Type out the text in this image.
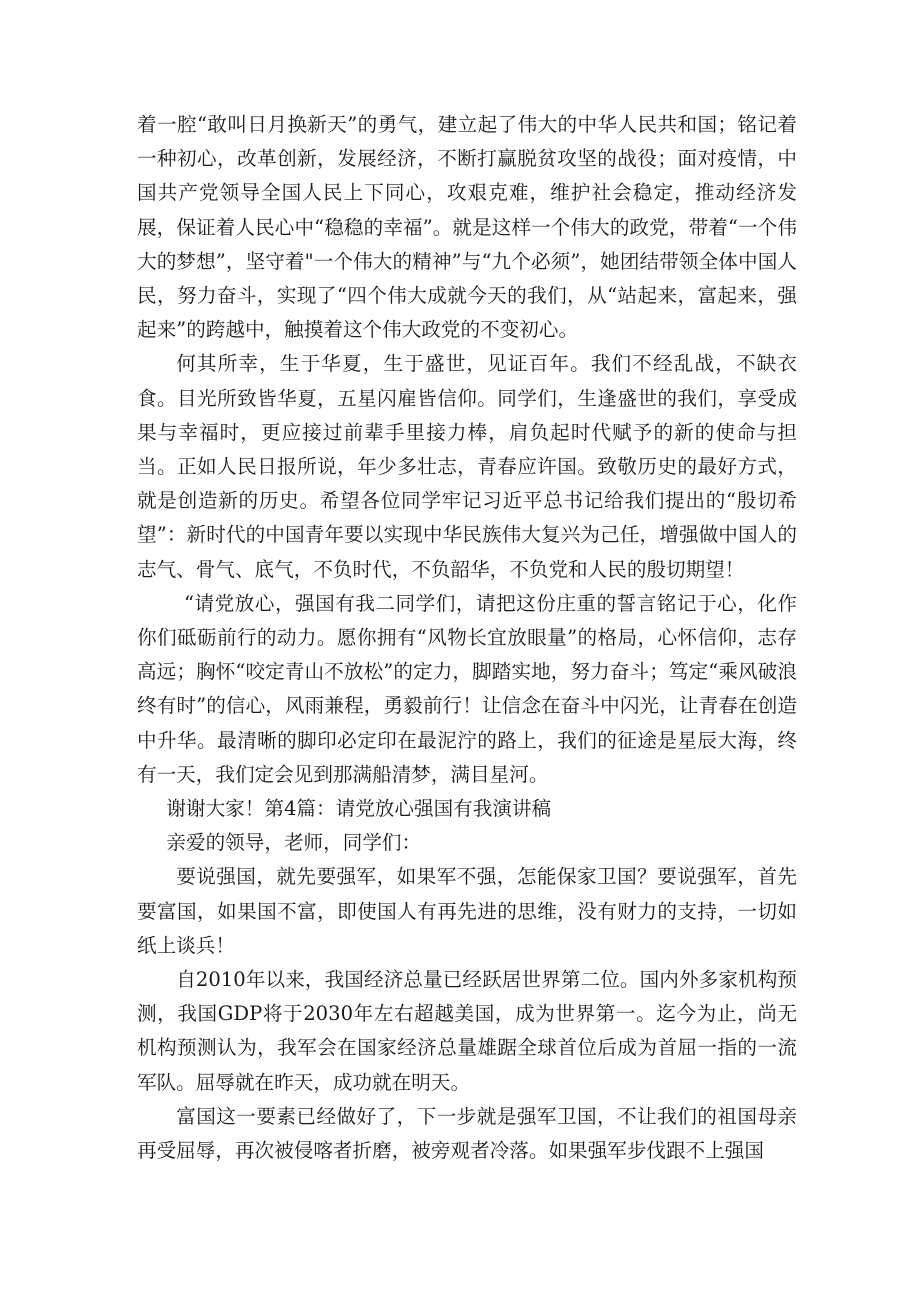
着一腔“敢叫日月换新天”的勇气，建立起了伟大的中华人民共和国；铭记着一种初心，改革创新，发展经济，不断打赢脱贫攻坚的战役；面对疫情，中国共产党领导全国人民上下同心，攻艰克难，维护社会稳定，推动经济发展，保证着人民心中“稳稳的幸福”。就是这样一个伟大的政党，带着“一个伟大的梦想”，坚守着"一个伟大的精神”与“九个必须”，她团结带领全体中国人民，努力奋斗，实现了“四个伟大成就今天的我们，从“站起来，富起来，强起来”的跨越中，触摸着这个伟大政党的不变初心。

何其所幸，生于华夏，生于盛世，见证百年。我们不经乱战，不缺衣食。目光所致皆华夏，五星闪雇皆信仰。同学们，生逢盛世的我们，享受成果与幸福时，更应接过前辈手里接力棒，肩负起时代赋予的新的使命与担当。正如人民日报所说，年少多壮志，青春应许国。致敬历史的最好方式，就是创造新的历史。希望各位同学牢记习近平总书记给我们提出的“殷切希望”：新时代的中国青年要以实现中华民族伟大复兴为己任，增强做中国人的志气、骨气、底气，不负时代，不负韶华，不负党和人民的殷切期望！

“请党放心，强国有我二同学们，请把这份庄重的誓言铭记于心，化作你们砥砺前行的动力。愿你拥有“风物长宜放眼量”的格局，心怀信仰，志存高远；胸怀“咬定青山不放松”的定力，脚踏实地，努力奋斗；笃定“乘风破浪终有时”的信心，风雨兼程，勇毅前行！让信念在奋斗中闪光，让青春在创造中升华。最清晰的脚印必定印在最泥泞的路上，我们的征途是星辰大海，终有一天，我们定会见到那满船清梦，满目星河。

谢谢大家！第4篇：请党放心强国有我演讲稿

亲爱的领导，老师，同学们：

要说强国，就先要强军，如果军不强，怎能保家卫国？要说强军，首先要富国，如果国不富，即使国人有再先进的思维，没有财力的支持，一切如纸上谈兵！

自2010年以来，我国经济总量已经跃居世界第二位。国内外多家机构预测，我国GDP将于2030年左右超越美国，成为世界第一。迄今为止，尚无机构预测认为，我军会在国家经济总量雄踞全球首位后成为首屈一指的一流军队。屈辱就在昨天，成功就在明天。

富国这一要素已经做好了，下一步就是强军卫国，不让我们的祖国母亲再受屈辱，再次被侵喀者折磨，被旁观者冷落。如果强军步伐跟不上强国
